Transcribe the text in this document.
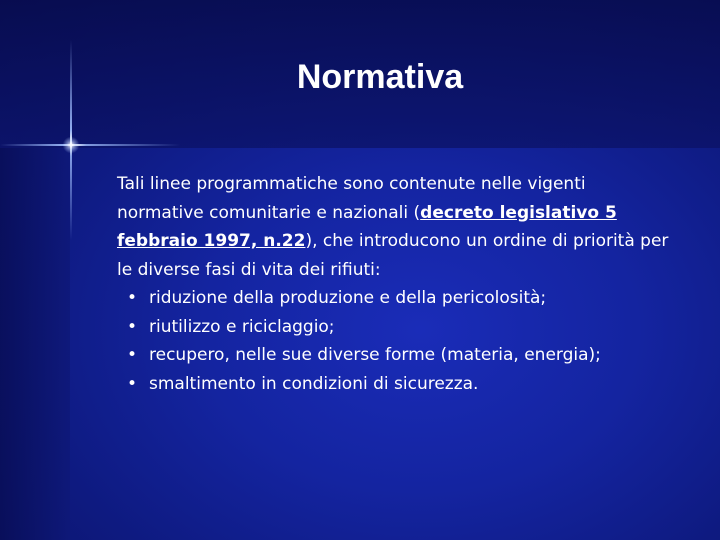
Normativa

Tali linee programmatiche sono contenute nelle vigenti normative comunitarie e nazionali (decreto legislativo 5 febbraio 1997, n.22), che introducono un ordine di priorità per le diverse fasi di vita dei rifiuti:

• riduzione della produzione e della pericolosità;
• riutilizzo e riciclaggio;
• recupero, nelle sue diverse forme (materia, energia);
• smaltimento in condizioni di sicurezza.
